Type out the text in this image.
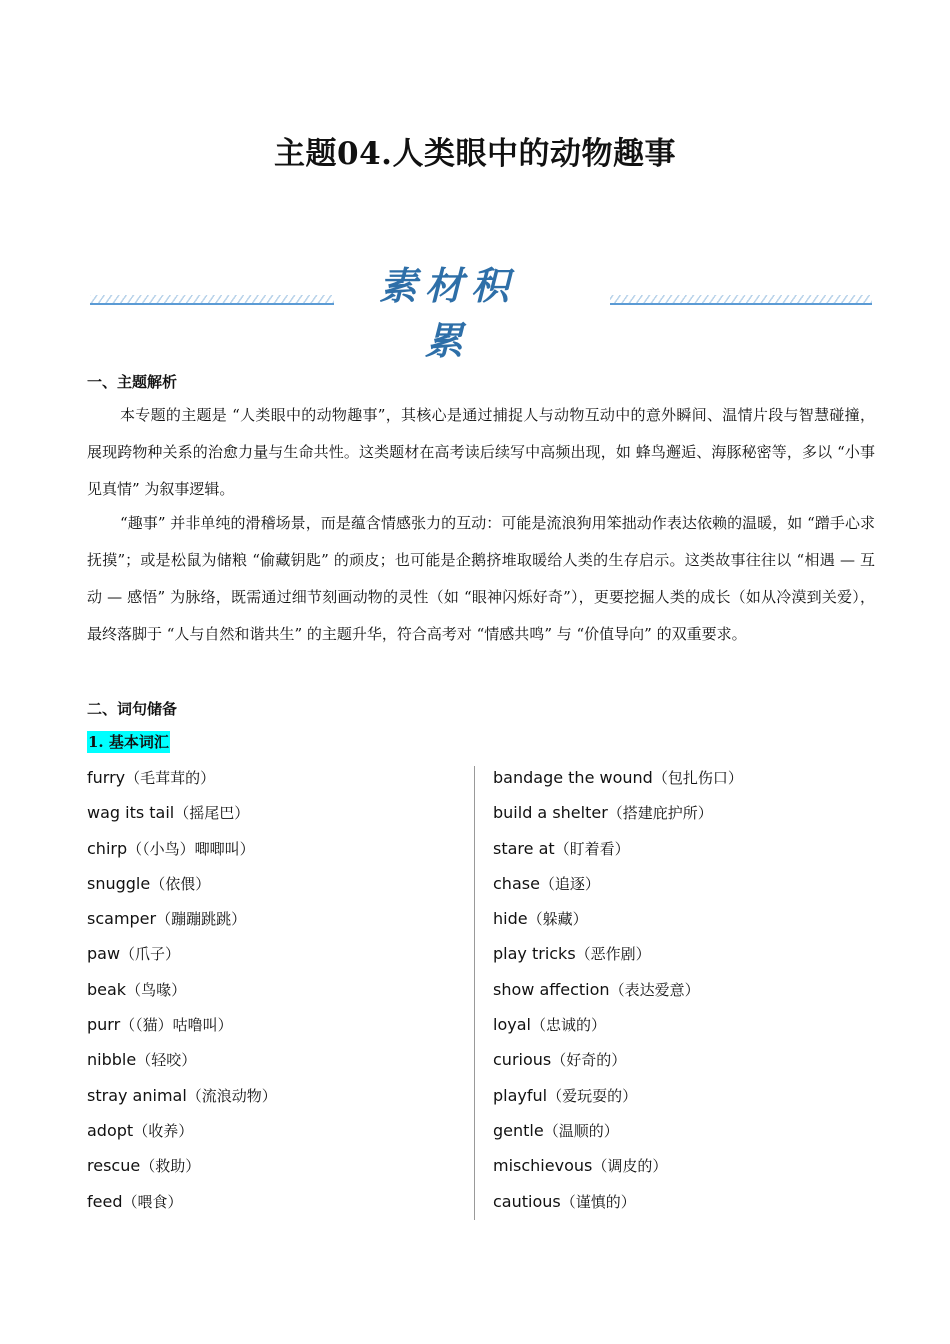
主题04.人类眼中的动物趣事
素材积累
一、主题解析
本专题的主题是 “人类眼中的动物趣事”，其核心是通过捕捉人与动物互动中的意外瞬间、温情片段与智慧碰撞，展现跨物种关系的治愈力量与生命共性。这类题材在高考读后续写中高频出现，如 蜂鸟邂逅、海豚秘密等，多以 “小事见真情” 为叙事逻辑。
“趣事” 并非单纯的滑稽场景，而是蕴含情感张力的互动：可能是流浪狗用笨拙动作表达依赖的温暖，如 “蹭手心求抚摸”；或是松鼠为储粮 “偷藏钥匙” 的顽皮；也可能是企鹅挤堆取暖给人类的生存启示。这类故事往往以 “相遇 — 互动 — 感悟” 为脉络，既需通过细节刻画动物的灵性（如 “眼神闪烁好奇”），更要挖掘人类的成长（如从冷漠到关爱），最终落脚于 “人与自然和谐共生” 的主题升华，符合高考对 “情感共鸣” 与 “价值导向” 的双重要求。
二、词句储备
1. 基本词汇
furry（毛茸茸的）
wag its tail（摇尾巴）
chirp（（小鸟）唧唧叫）
snuggle（依偎）
scamper（蹦蹦跳跳）
paw（爪子）
beak（鸟喙）
purr（（猫）咕噜叫）
nibble（轻咬）
stray animal（流浪动物）
adopt（收养）
rescue（救助）
feed（喂食）
bandage the wound（包扎伤口）
build a shelter（搭建庇护所）
stare at（盯着看）
chase（追逐）
hide（躲藏）
play tricks（恶作剧）
show affection（表达爱意）
loyal（忠诚的）
curious（好奇的）
playful（爱玩耍的）
gentle（温顺的）
mischievous（调皮的）
cautious（谨慎的）
